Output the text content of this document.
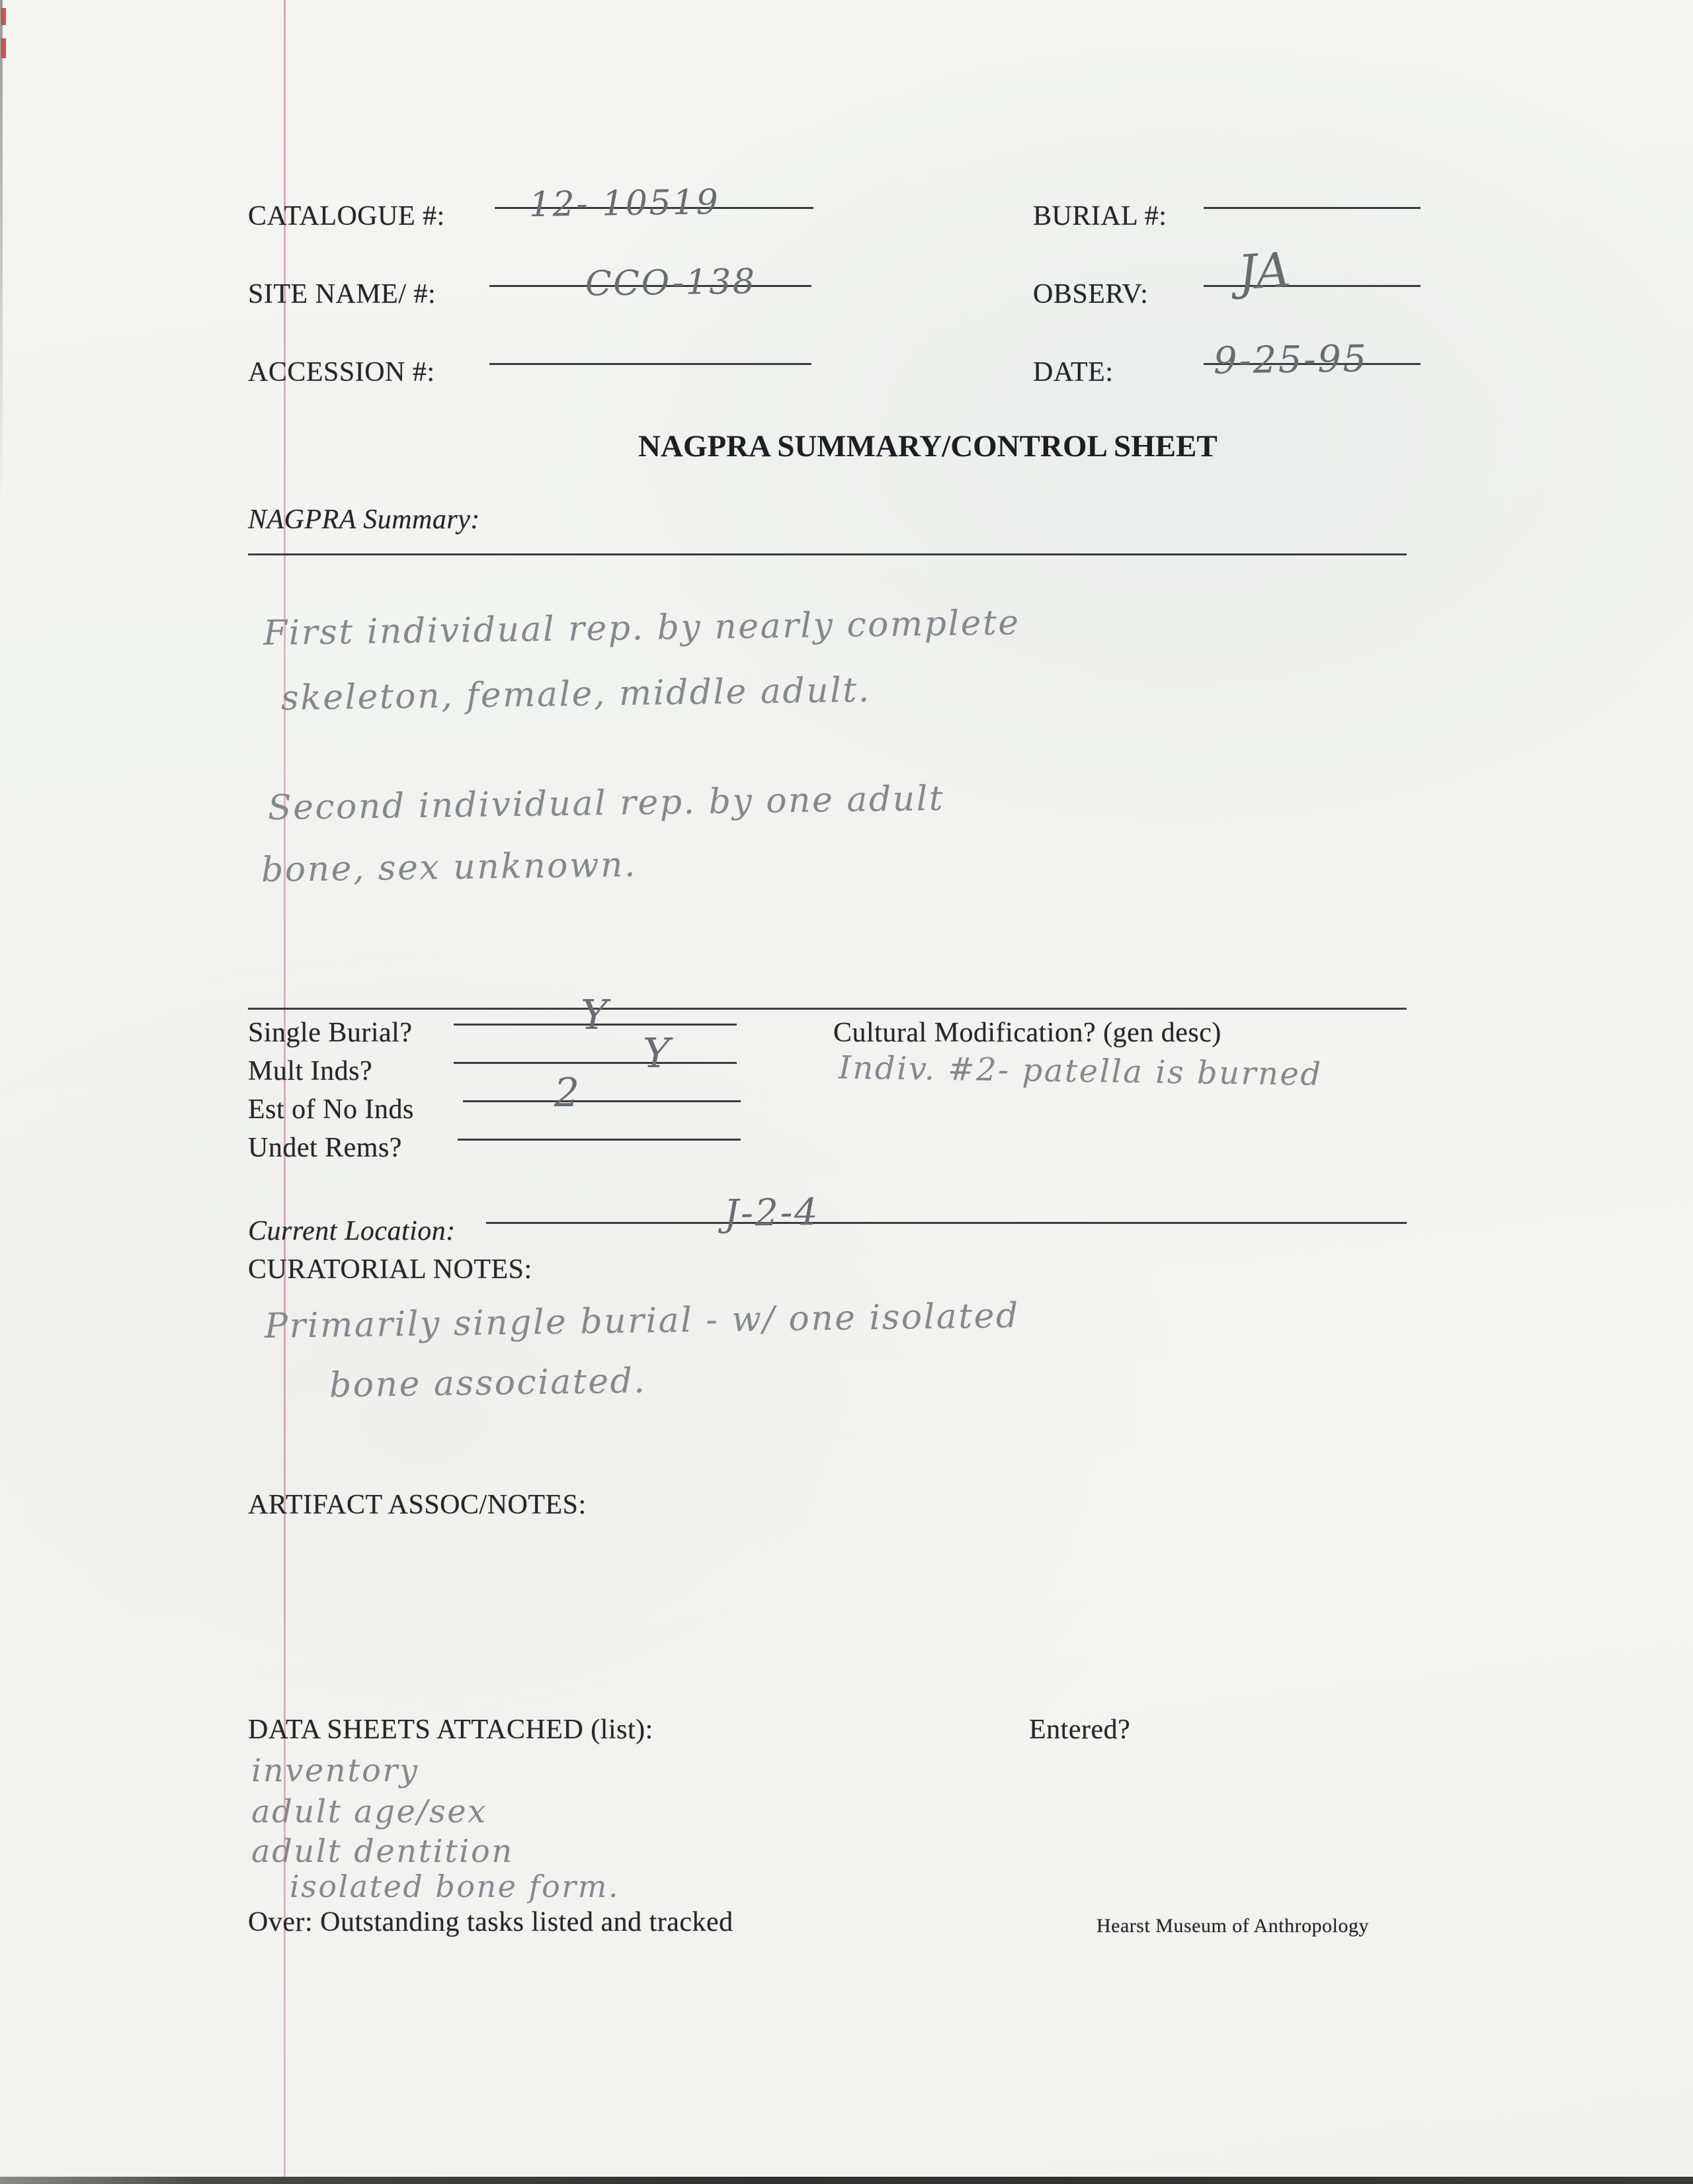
CATALOGUE #: 12- 10519
SITE NAME/ #:	CCO-138
ACCESSION #:
BURIAL #:
OBSERV: JA
DATE:	9-25-95
NAGPRA SUMMARY/CONTROL SHEET
NAGPRA Summary:
First individual rep. by nearly complete
skeleton, female, middle adult.
Second individual rep. by one adult
bone, sex unknown.
Single Burial?	Y
Mult Inds?	Y
Est of No Inds	2
Undet Rems?
Cultural Modification? (gen desc)
Indiv. #2- patella is burned
Current Location:	J-2-4
CURATORIAL NOTES:
Primarily single burial - w/ one isolated
bone associated.
ARTIFACT ASSOC/NOTES:
DATA SHEETS ATTACHED (list):	Entered?
inventory
adult age/sex
adult dentition
isolated bone form.
Over: Outstanding tasks listed and tracked	Hearst Museum of Anthropology
